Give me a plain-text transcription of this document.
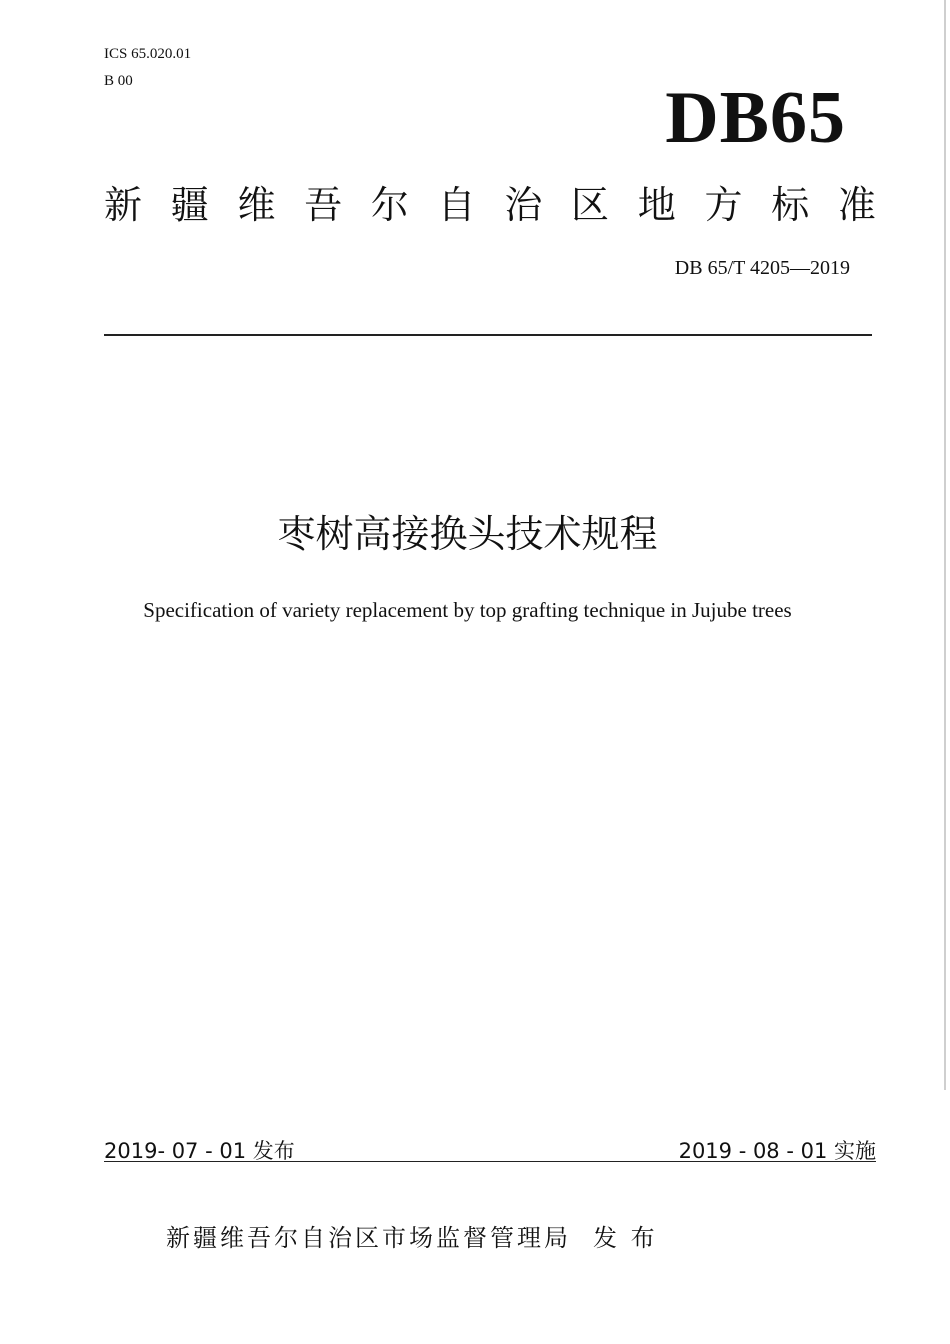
ICS 65.020.01
B 00	DB65
新 疆 维 吾 尔 自 治 区 地 方 标 准
DB 65/T 4205—2019
枣树高接换头技术规程
Specification of variety replacement by top grafting technique in Jujube trees
2019- 07 - 01 发布	2019 - 08 - 01 实施
新疆维吾尔自治区市场监督管理局 发 布
